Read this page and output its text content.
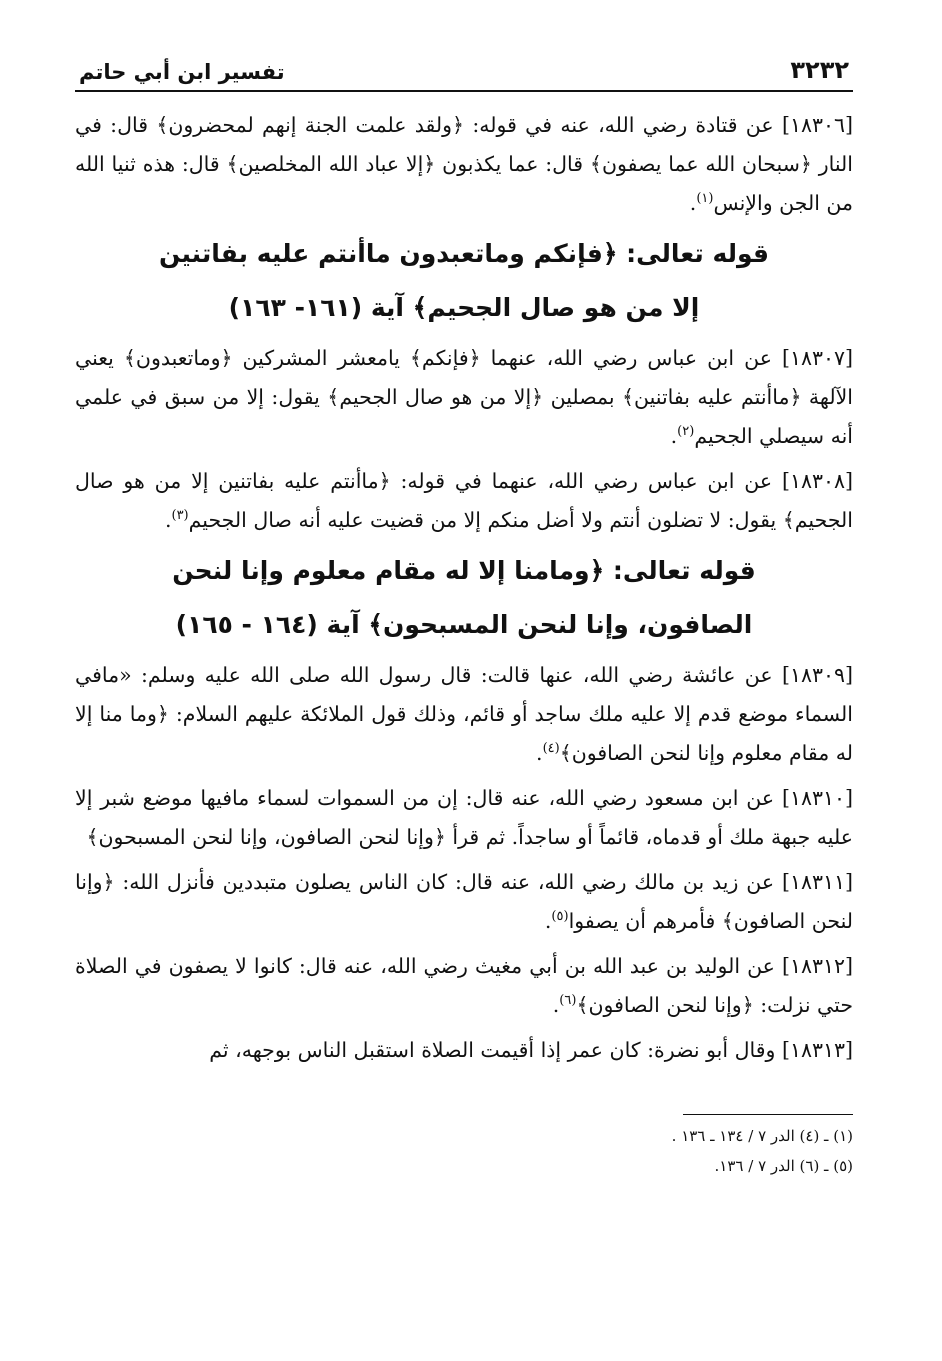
٣٢٣٢
تفسير ابن أبي حاتم

[١٨٣٠٦] عن قتادة رضي الله، عنه في قوله: ﴿ولقد علمت الجنة إنهم لمحضرون﴾ قال: في النار ﴿سبحان الله عما يصفون﴾ قال: عما يكذبون ﴿إلا عباد الله المخلصين﴾ قال: هذه ثنيا الله من الجن والإنس$^{(١)}$.

قوله تعالى: ﴿فإنكم وماتعبدون ماأنتم عليه بفاتنين
إلا من هو صال الجحيم﴾ آية (١٦١- ١٦٣)

[١٨٣٠٧] عن ابن عباس رضي الله، عنهما ﴿فإنكم﴾ يامعشر المشركين ﴿وماتعبدون﴾ يعني الآلهة ﴿ماأنتم عليه بفاتنين﴾ بمصلين ﴿إلا من هو صال الجحيم﴾ يقول: إلا من سبق في علمي أنه سيصلي الجحيم$^{(٢)}$.

[١٨٣٠٨] عن ابن عباس رضي الله، عنهما في قوله: ﴿ماأنتم عليه بفاتنين إلا من هو صال الجحيم﴾ يقول: لا تضلون أنتم ولا أضل منكم إلا من قضيت عليه أنه صال الجحيم$^{(٣)}$.

قوله تعالى: ﴿ومامنا إلا له مقام معلوم وإنا لنحن
الصافون، وإنا لنحن المسبحون﴾ آية (١٦٤ - ١٦٥)

[١٨٣٠٩] عن عائشة رضي الله، عنها قالت: قال رسول الله صلى الله عليه وسلم: «مافي السماء موضع قدم إلا عليه ملك ساجد أو قائم، وذلك قول الملائكة عليهم السلام: ﴿وما منا إلا له مقام معلوم وإنا لنحن الصافون﴾$^{(٤)}$.

[١٨٣١٠] عن ابن مسعود رضي الله، عنه قال: إن من السموات لسماء مافيها موضع شبر إلا عليه جبهة ملك أو قدماه، قائماً أو ساجداً. ثم قرأ ﴿وإنا لنحن الصافون، وإنا لنحن المسبحون﴾

[١٨٣١١] عن زيد بن مالك رضي الله، عنه قال: كان الناس يصلون متبددين فأنزل الله: ﴿وإنا لنحن الصافون﴾ فأمرهم أن يصفوا$^{(٥)}$.

[١٨٣١٢] عن الوليد بن عبد الله بن أبي مغيث رضي الله، عنه قال: كانوا لا يصفون في الصلاة حتي نزلت: ﴿وإنا لنحن الصافون﴾$^{(٦)}$.

[١٨٣١٣] وقال أبو نضرة: كان عمر إذا أقيمت الصلاة استقبل الناس بوجهه، ثم

(١) ـ (٤) الدر ٧ / ١٣٤ ـ ١٣٦ .
(٥) ـ (٦) الدر ٧ / ١٣٦.
